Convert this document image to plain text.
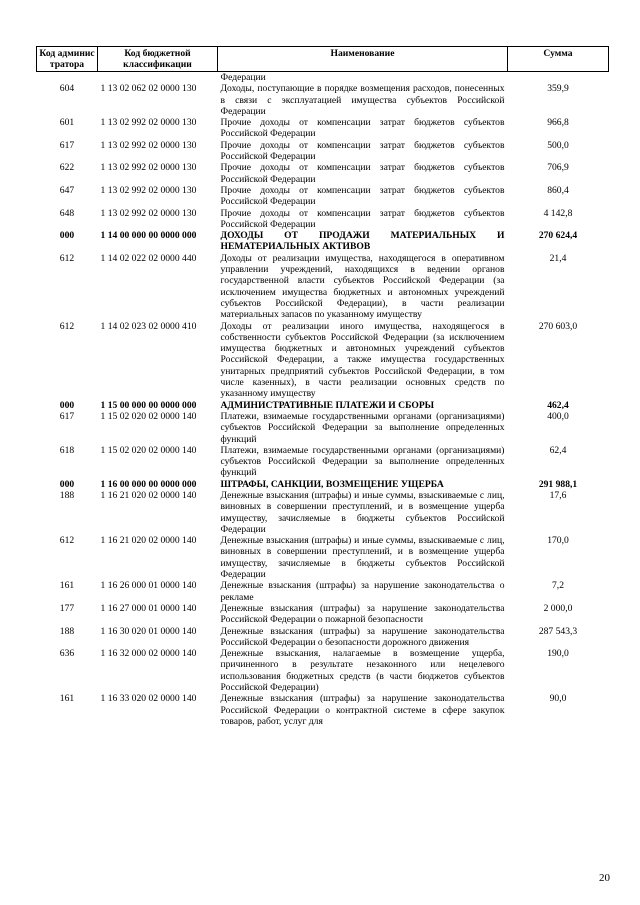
Код админис тратора	Код бюджетной классификации	Наименование	Сумма
		Федерации	
604	1 13 02 062 02 0000 130	Доходы, поступающие в порядке возмещения расходов, понесенных в связи с эксплуатацией имущества субъектов Российской Федерации	359,9
601	1 13 02 992 02 0000 130	Прочие доходы от компенсации затрат бюджетов субъектов Российской Федерации	966,8
617	1 13 02 992 02 0000 130	Прочие доходы от компенсации затрат бюджетов субъектов Российской Федерации	500,0
622	1 13 02 992 02 0000 130	Прочие доходы от компенсации затрат бюджетов субъектов Российской Федерации	706,9
647	1 13 02 992 02 0000 130	Прочие доходы от компенсации затрат бюджетов субъектов Российской Федерации	860,4
648	1 13 02 992 02 0000 130	Прочие доходы от компенсации затрат бюджетов субъектов Российской Федерации	4 142,8
000	1 14 00 000 00 0000 000	ДОХОДЫ ОТ ПРОДАЖИ МАТЕРИАЛЬНЫХ И НЕМАТЕРИАЛЬНЫХ АКТИВОВ	270 624,4
612	1 14 02 022 02 0000 440	Доходы от реализации имущества, находящегося в оперативном управлении учреждений, находящихся в ведении органов государственной власти субъектов Российской Федерации (за исключением имущества бюджетных и автономных учреждений субъектов Российской Федерации), в части реализации материальных запасов по указанному имуществу	21,4
612	1 14 02 023 02 0000 410	Доходы от реализации иного имущества, находящегося в собственности субъектов Российской Федерации (за исключением имущества бюджетных и автономных учреждений субъектов Российской Федерации, а также имущества государственных унитарных предприятий субъектов Российской Федерации, в том числе казенных), в части реализации основных средств по указанному имуществу	270 603,0
000	1 15 00 000 00 0000 000	АДМИНИСТРАТИВНЫЕ ПЛАТЕЖИ И СБОРЫ	462,4
617	1 15 02 020 02 0000 140	Платежи, взимаемые государственными органами (организациями) субъектов Российской Федерации за выполнение определенных функций	400,0
618	1 15 02 020 02 0000 140	Платежи, взимаемые государственными органами (организациями) субъектов Российской Федерации за выполнение определенных функций	62,4
000	1 16 00 000 00 0000 000	ШТРАФЫ, САНКЦИИ, ВОЗМЕЩЕНИЕ УЩЕРБА	291 988,1
188	1 16 21 020 02 0000 140	Денежные взыскания (штрафы) и иные суммы, взыскиваемые с лиц, виновных в совершении преступлений, и в возмещение ущерба имуществу, зачисляемые в бюджеты субъектов Российской Федерации	17,6
612	1 16 21 020 02 0000 140	Денежные взыскания (штрафы) и иные суммы, взыскиваемые с лиц, виновных в совершении преступлений, и в возмещение ущерба имуществу, зачисляемые в бюджеты субъектов Российской Федерации	170,0
161	1 16 26 000 01 0000 140	Денежные взыскания (штрафы) за нарушение законодательства о рекламе	7,2
177	1 16 27 000 01 0000 140	Денежные взыскания (штрафы) за нарушение законодательства Российской Федерации о пожарной безопасности	2 000,0
188	1 16 30 020 01 0000 140	Денежные взыскания (штрафы) за нарушение законодательства Российской Федерации о безопасности дорожного движения	287 543,3
636	1 16 32 000 02 0000 140	Денежные взыскания, налагаемые в возмещение ущерба, причиненного в результате незаконного или нецелевого использования бюджетных средств (в части бюджетов субъектов Российской Федерации)	190,0
161	1 16 33 020 02 0000 140	Денежные взыскания (штрафы) за нарушение законодательства Российской Федерации о контрактной системе в сфере закупок товаров, работ, услуг для	90,0
20
